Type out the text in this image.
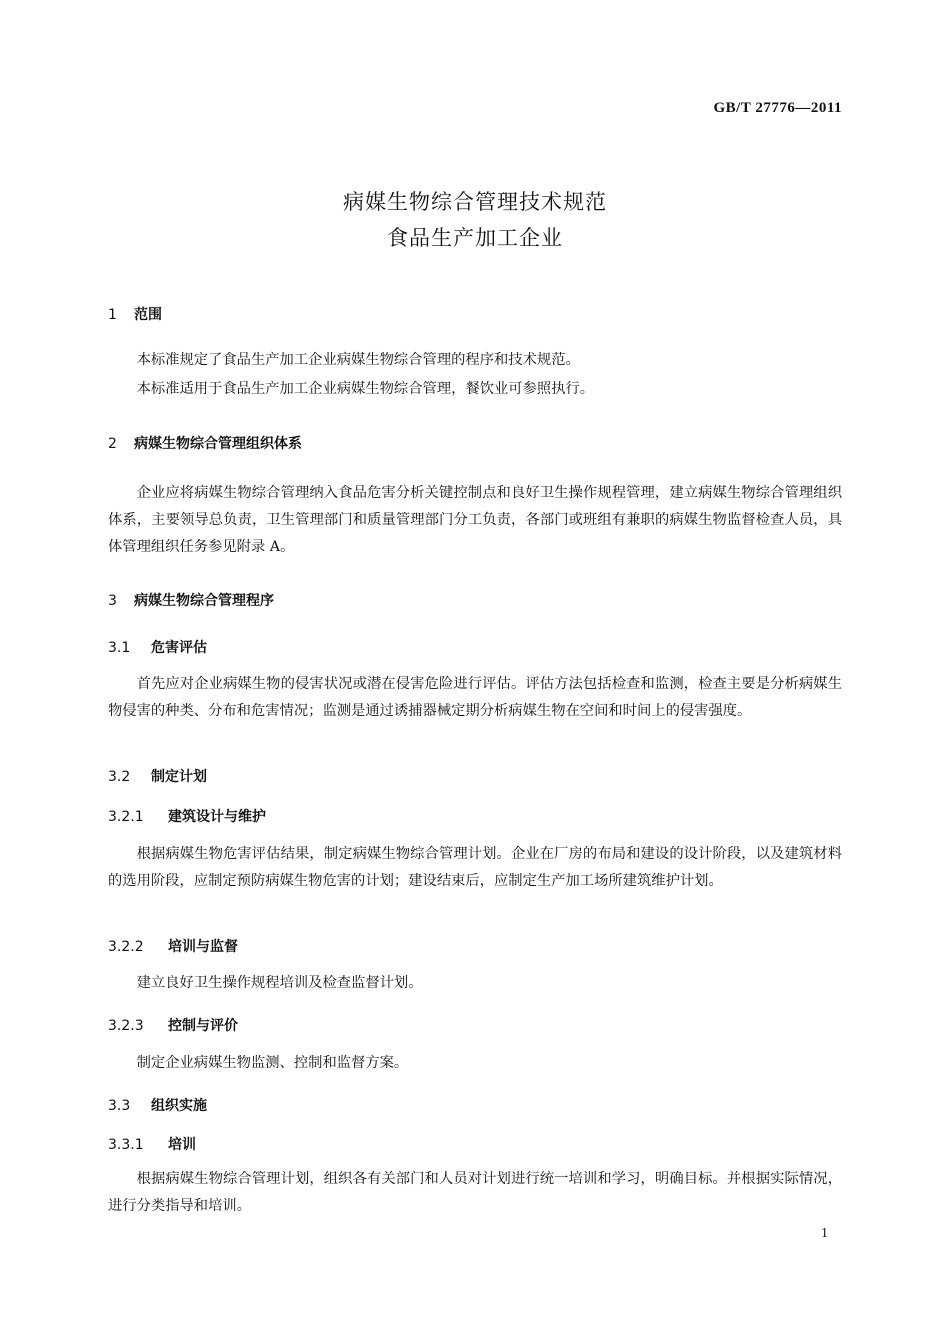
GB/T 27776—2011
病媒生物综合管理技术规范
食品生产加工企业
1 范围
本标准规定了食品生产加工企业病媒生物综合管理的程序和技术规范。
本标准适用于食品生产加工企业病媒生物综合管理，餐饮业可参照执行。
2 病媒生物综合管理组织体系
企业应将病媒生物综合管理纳入食品危害分析关键控制点和良好卫生操作规程管理，建立病媒生物综合管理组织体系，主要领导总负责，卫生管理部门和质量管理部门分工负责，各部门或班组有兼职的病媒生物监督检查人员，具体管理组织任务参见附录 A。
3 病媒生物综合管理程序
3.1 危害评估
首先应对企业病媒生物的侵害状况或潜在侵害危险进行评估。评估方法包括检查和监测，检查主要是分析病媒生物侵害的种类、分布和危害情况；监测是通过诱捕器械定期分析病媒生物在空间和时间上的侵害强度。
3.2 制定计划
3.2.1 建筑设计与维护
根据病媒生物危害评估结果，制定病媒生物综合管理计划。企业在厂房的布局和建设的设计阶段，以及建筑材料的选用阶段，应制定预防病媒生物危害的计划；建设结束后，应制定生产加工场所建筑维护计划。
3.2.2 培训与监督
建立良好卫生操作规程培训及检查监督计划。
3.2.3 控制与评价
制定企业病媒生物监测、控制和监督方案。
3.3 组织实施
3.3.1 培训
根据病媒生物综合管理计划，组织各有关部门和人员对计划进行统一培训和学习，明确目标。并根据实际情况，进行分类指导和培训。
1
